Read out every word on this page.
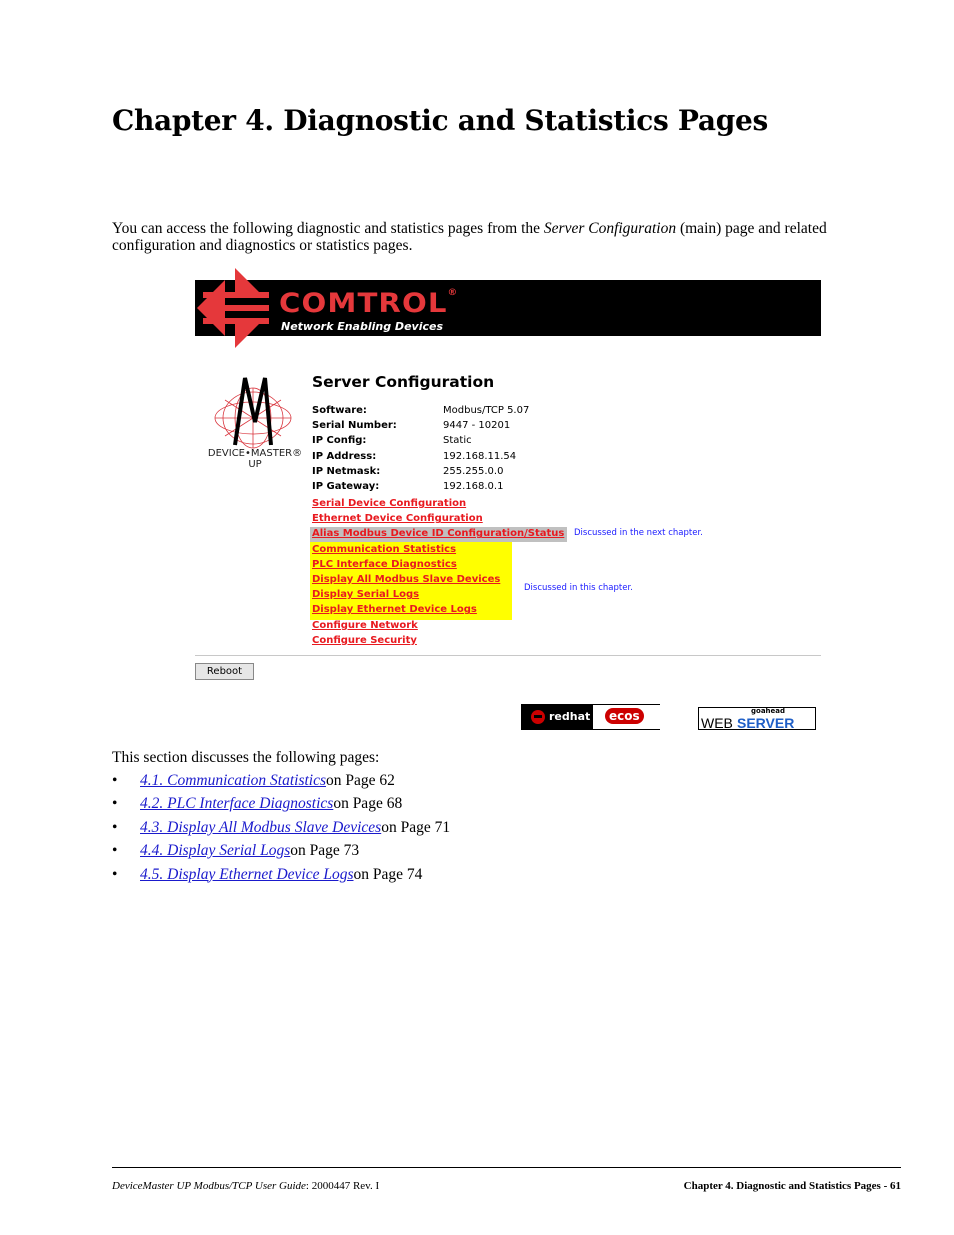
Chapter 4. Diagnostic and Statistics Pages

You can access the following diagnostic and statistics pages from the Server Configuration (main) page and related configuration and diagnostics or statistics pages.

COMTROL®
Network Enabling Devices
DEVICE•MASTER®
UP
Server Configuration
Software:	Modbus/TCP 5.07
Serial Number:	9447 - 10201
IP Config:	Static
IP Address:	192.168.11.54
IP Netmask:	255.255.0.0
IP Gateway:	192.168.0.1
Serial Device Configuration
Ethernet Device Configuration
Alias Modbus Device ID Configuration/Status
Communication Statistics
PLC Interface Diagnostics
Display All Modbus Slave Devices
Display Serial Logs
Display Ethernet Device Logs
Configure Network
Configure Security
Discussed in the next chapter.
Discussed in this chapter.
Reboot
redhat	ecos	goahead
WEB SERVER

This section discusses the following pages:

•	4.1. Communication Statistics on Page 62
•	4.2. PLC Interface Diagnostics on Page 68
•	4.3. Display All Modbus Slave Devices on Page 71
•	4.4. Display Serial Logs on Page 73
•	4.5. Display Ethernet Device Logs on Page 74
DeviceMaster UP Modbus/TCP User Guide: 2000447 Rev. I	Chapter 4. Diagnostic and Statistics Pages - 61
